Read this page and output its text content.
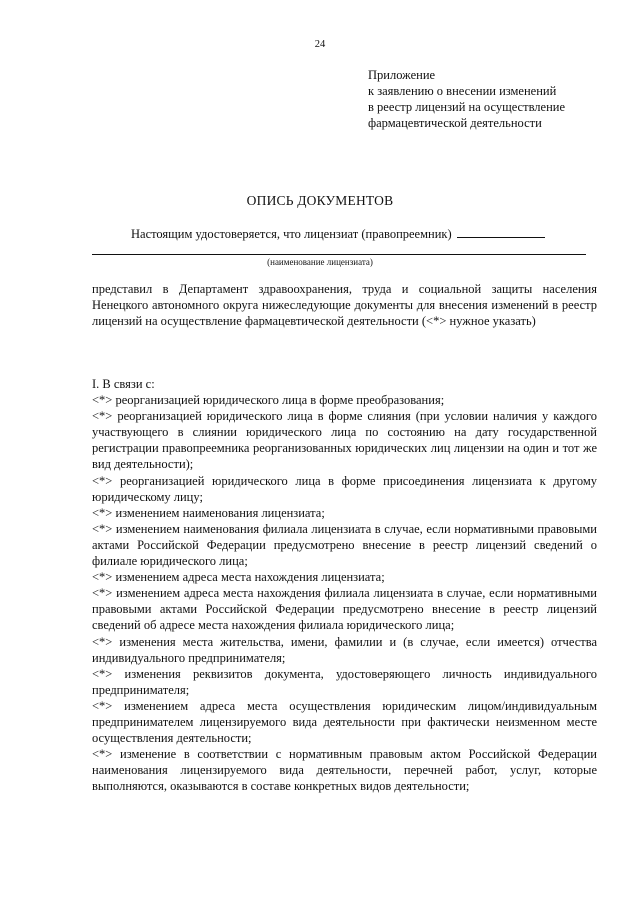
24
Приложение
к заявлению о внесении изменений
в реестр лицензий на осуществление
фармацевтической деятельности
ОПИСЬ ДОКУМЕНТОВ
Настоящим удостоверяется, что лицензиат (правопреемник)
(наименование лицензиата)
представил в Департамент здравоохранения, труда и социальной защиты населения Ненецкого автономного округа нижеследующие документы для внесения изменений в реестр лицензий на осуществление фармацевтической деятельности (<*> нужное указать)
I. В связи с:
<*> реорганизацией юридического лица в форме преобразования;
<*> реорганизацией юридического лица в форме слияния (при условии наличия у каждого участвующего в слиянии юридического лица по состоянию на дату государственной регистрации правопреемника реорганизованных юридических лиц лицензии на один и тот же вид деятельности);
<*> реорганизацией юридического лица в форме присоединения лицензиата к другому юридическому лицу;
<*> изменением наименования лицензиата;
<*> изменением наименования филиала лицензиата в случае, если нормативными правовыми актами Российской Федерации предусмотрено внесение в реестр лицензий сведений о филиале юридического лица;
<*> изменением адреса места нахождения лицензиата;
<*> изменением адреса места нахождения филиала лицензиата в случае, если нормативными правовыми актами Российской Федерации предусмотрено внесение в реестр лицензий сведений об адресе места нахождения филиала юридического лица;
<*> изменения места жительства, имени, фамилии и (в случае, если имеется) отчества индивидуального предпринимателя;
<*> изменения реквизитов документа, удостоверяющего личность индивидуального предпринимателя;
<*> изменением адреса места осуществления юридическим лицом/индивидуальным предпринимателем лицензируемого вида деятельности при фактически неизменном месте осуществления деятельности;
<*> изменение в соответствии с нормативным правовым актом Российской Федерации наименования лицензируемого вида деятельности, перечней работ, услуг, которые выполняются, оказываются в составе конкретных видов деятельности;
